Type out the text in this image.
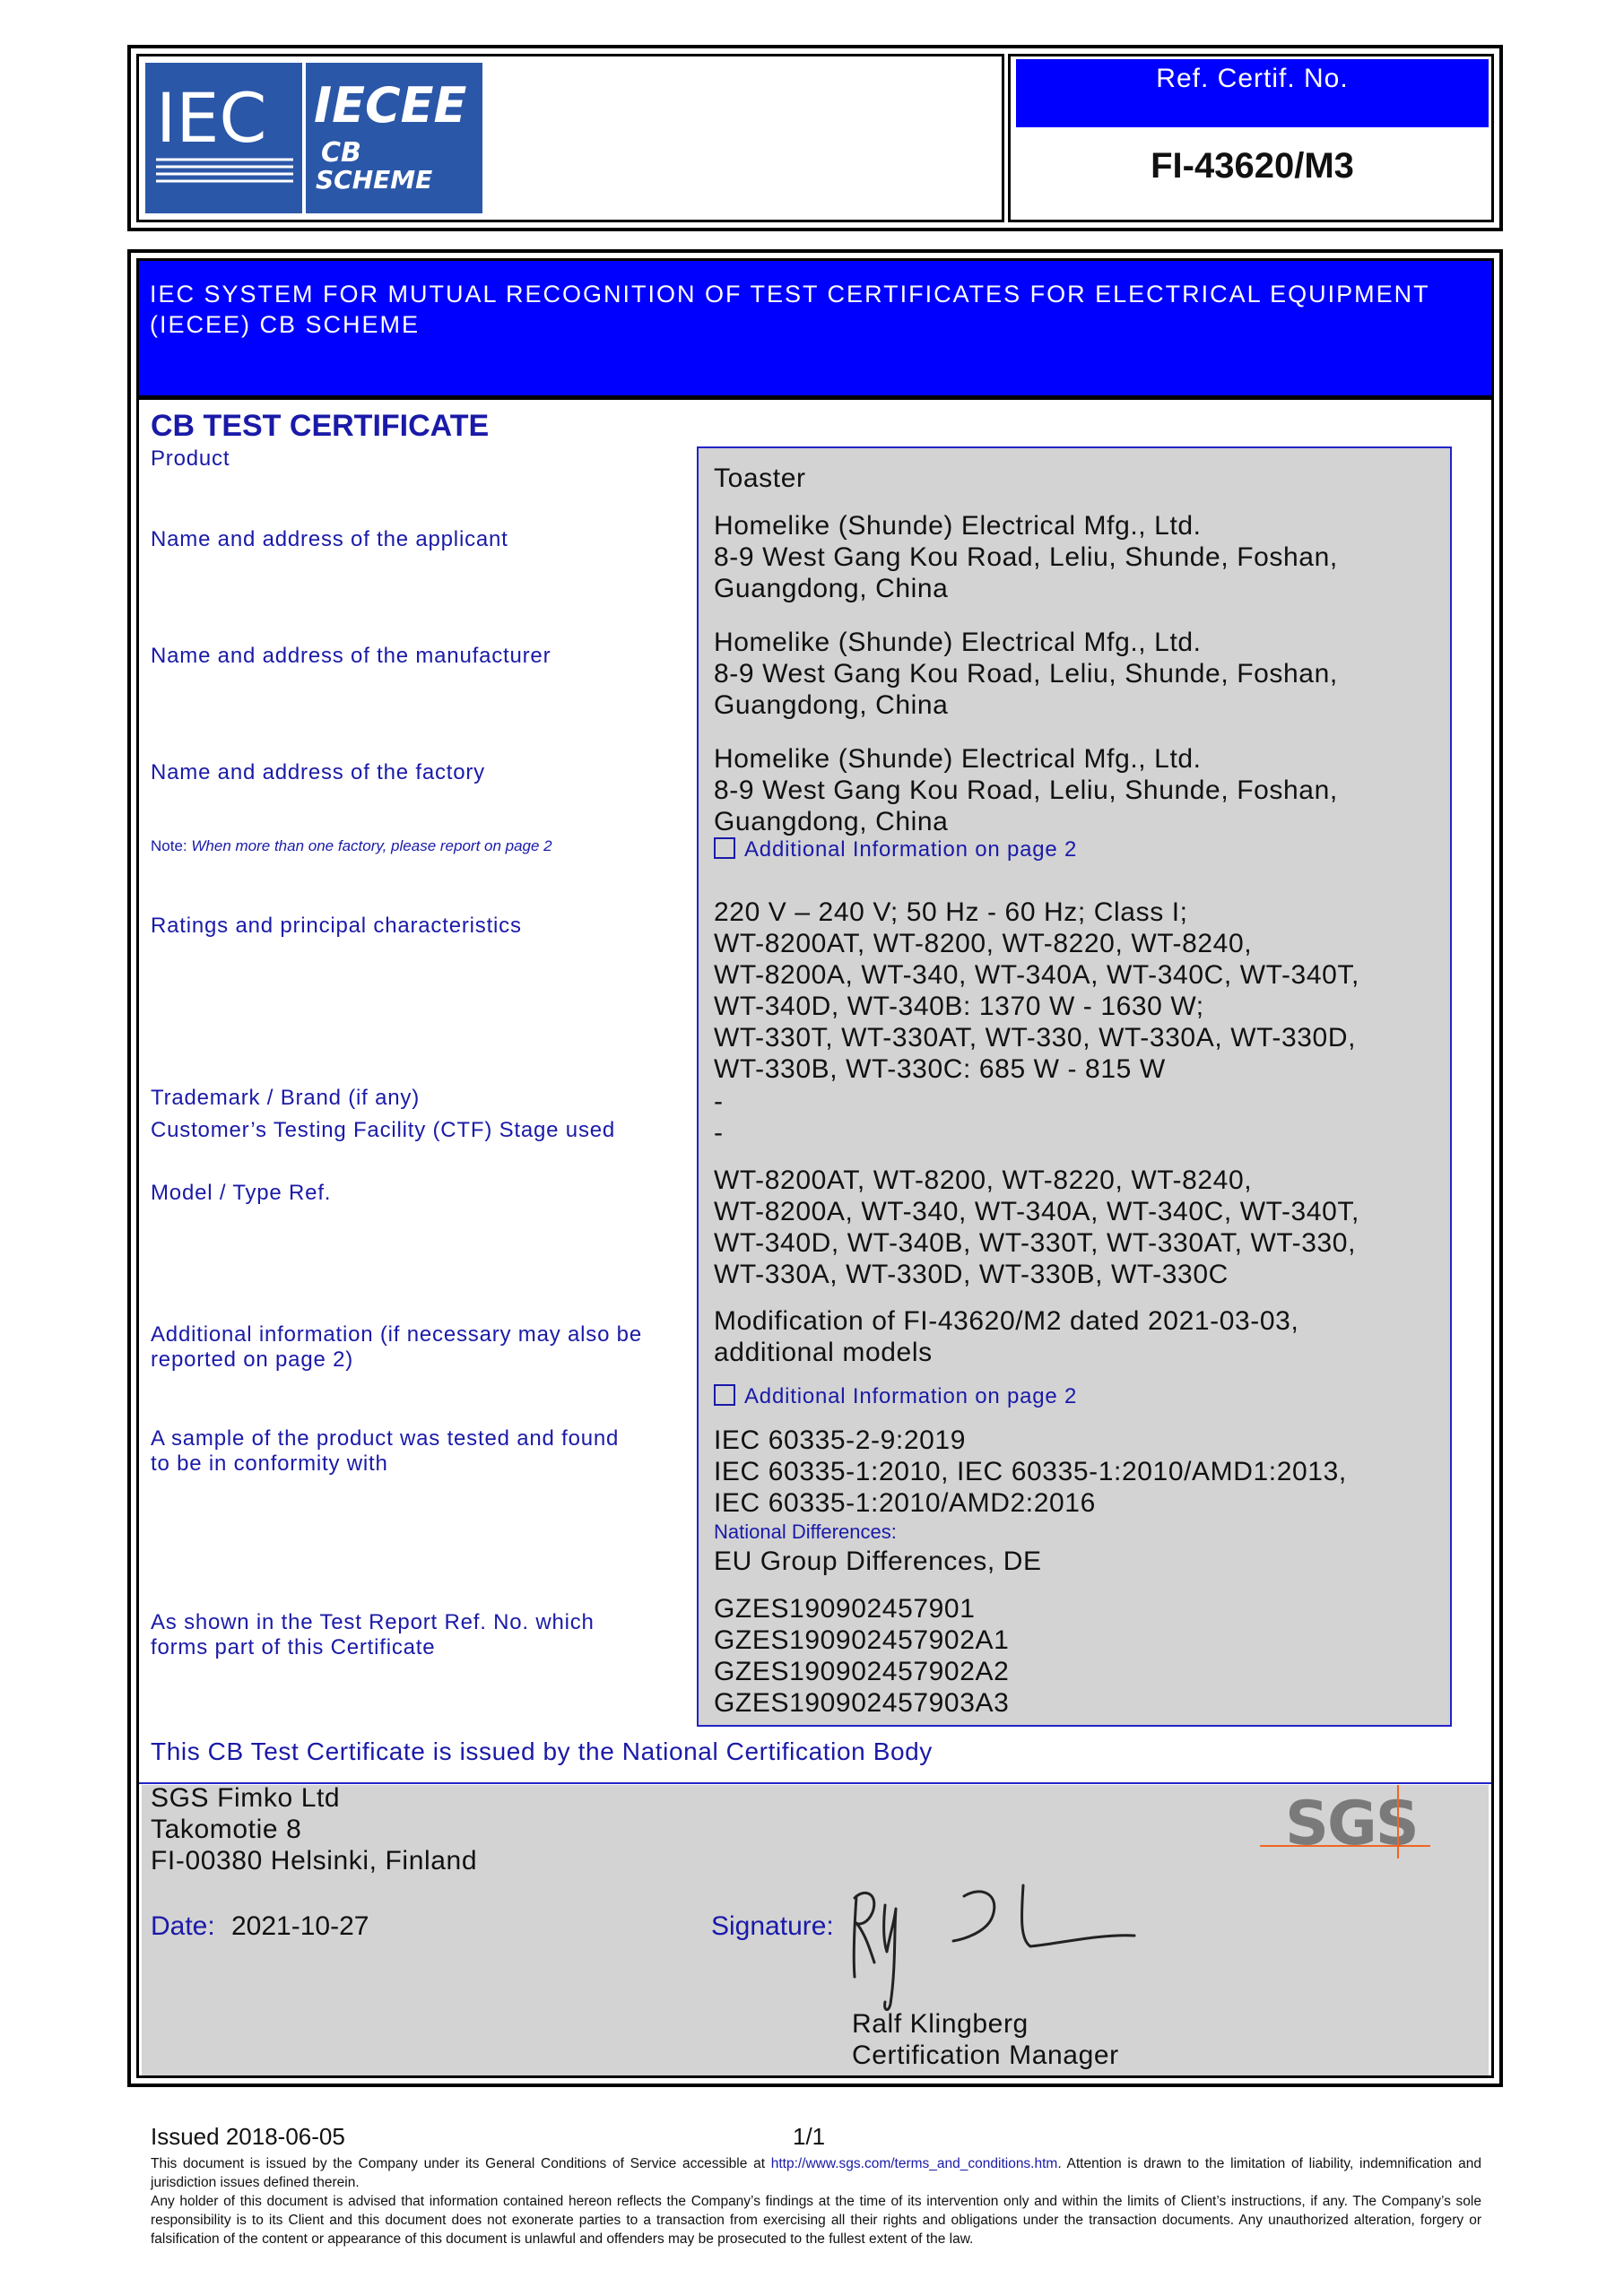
IEC IECEE
CB
SCHEME
Ref. Certif. No.
FI-43620/M3
IEC SYSTEM FOR MUTUAL RECOGNITION OF TEST CERTIFICATES FOR ELECTRICAL EQUIPMENT (IECEE) CB SCHEME
CB TEST CERTIFICATE
Product
Name and address of the applicant
Name and address of the manufacturer
Name and address of the factory
Note: When more than one factory, please report on page 2
Ratings and principal characteristics
Trademark / Brand (if any)
Customer’s Testing Facility (CTF) Stage used
Model / Type Ref.
Additional information (if necessary may also be
reported on page 2)
A sample of the product was tested and found
to be in conformity with
As shown in the Test Report Ref. No. which
forms part of this Certificate
Toaster
Homelike (Shunde) Electrical Mfg., Ltd.
8-9 West Gang Kou Road, Leliu, Shunde, Foshan,
Guangdong, China
Homelike (Shunde) Electrical Mfg., Ltd.
8-9 West Gang Kou Road, Leliu, Shunde, Foshan,
Guangdong, China
Homelike (Shunde) Electrical Mfg., Ltd.
8-9 West Gang Kou Road, Leliu, Shunde, Foshan,
Guangdong, China
Additional Information on page 2
220 V – 240 V; 50 Hz - 60 Hz; Class I;
WT-8200AT, WT-8200, WT-8220, WT-8240,
WT-8200A, WT-340, WT-340A, WT-340C, WT-340T,
WT-340D, WT-340B: 1370 W - 1630 W;
WT-330T, WT-330AT, WT-330, WT-330A, WT-330D,
WT-330B, WT-330C: 685 W - 815 W
-
-
WT-8200AT, WT-8200, WT-8220, WT-8240,
WT-8200A, WT-340, WT-340A, WT-340C, WT-340T,
WT-340D, WT-340B, WT-330T, WT-330AT, WT-330,
WT-330A, WT-330D, WT-330B, WT-330C
Modification of FI-43620/M2 dated 2021-03-03,
additional models
Additional Information on page 2
IEC 60335-2-9:2019
IEC 60335-1:2010, IEC 60335-1:2010/AMD1:2013,
IEC 60335-1:2010/AMD2:2016
National Differences:
EU Group Differences, DE
GZES190902457901
GZES190902457902A1
GZES190902457902A2
GZES190902457903A3
This CB Test Certificate is issued by the National Certification Body
SGS Fimko Ltd
Takomotie 8
FI-00380 Helsinki, Finland
SGS
Date: 2021-10-27	Signature:
Ralf Klingberg
Certification Manager
Issued 2018-06-05	1/1
This document is issued by the Company under its General Conditions of Service accessible at http://www.sgs.com/terms_and_conditions.htm. Attention is drawn to the limitation of liability, indemnification and jurisdiction issues defined therein.
Any holder of this document is advised that information contained hereon reflects the Company’s findings at the time of its intervention only and within the limits of Client’s instructions, if any. The Company’s sole responsibility is to its Client and this document does not exonerate parties to a transaction from exercising all their rights and obligations under the transaction documents. Any unauthorized alteration, forgery or falsification of the content or appearance of this document is unlawful and offenders may be prosecuted to the fullest extent of the law.
